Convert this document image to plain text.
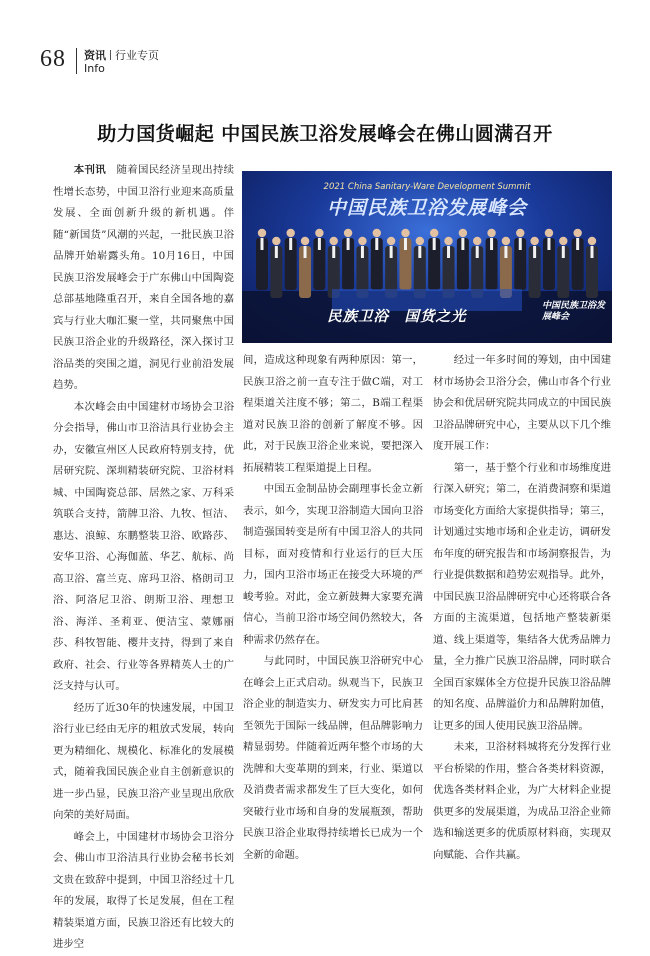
68 资讯 行业专页
Info
助力国货崛起 中国民族卫浴发展峰会在佛山圆满召开

本刊讯　 随着国民经济呈现出持续性增长态势，中国卫浴行业迎来高质量发展、全面创新升级的新机遇。伴随“新国货”风潮的兴起，一批民族卫浴品牌开始崭露头角。10月16日，中国民族卫浴发展峰会于广东佛山中国陶瓷总部基地隆重召开，来自全国各地的嘉宾与行业大咖汇聚一堂，共同聚焦中国民族卫浴企业的升级路径，深入探讨卫浴品类的突围之道，洞见行业前沿发展趋势。

本次峰会由中国建材市场协会卫浴分会指导，佛山市卫浴洁具行业协会主办，安徽宣州区人民政府特别支持，优居研究院、深圳精装研究院、卫浴材料城、中国陶瓷总部、居然之家、万科采筑联合支持，箭牌卫浴、九牧、恒洁、惠达、浪鲸、东鹏整装卫浴、欧路莎、安华卫浴、心海伽蓝、华艺、航标、尚高卫浴、富兰克、席玛卫浴、格朗司卫浴、阿洛尼卫浴、朗斯卫浴、理想卫浴、海洋、圣莉亚、便洁宝、蒙娜丽莎、科牧智能、樱井支持，得到了来自政府、社会、行业等各界精英人士的广泛支持与认可。

经历了近30年的快速发展，中国卫浴行业已经由无序的粗放式发展，转向更为精细化、规模化、标准化的发展模式，随着我国民族企业自主创新意识的进一步凸显，民族卫浴产业呈现出欣欣向荣的美好局面。

峰会上，中国建材市场协会卫浴分会、佛山市卫浴洁具行业协会秘书长刘文贵在致辞中提到，中国卫浴经过十几年的发展，取得了长足发展，但在工程精装渠道方面，民族卫浴还有比较大的进步空

2021 China Sanitary-Ware Development Summit
中国民族卫浴发展峰会
民族卫浴　国货之光
中国民族卫浴发展峰会

间，造成这种现象有两种原因：第一，民族卫浴之前一直专注于做C端，对工程渠道关注度不够；第二，B端工程渠道对民族卫浴的创新了解度不够。因此，对于民族卫浴企业来说，要把深入拓展精装工程渠道提上日程。

中国五金制品协会副理事长金立新表示，如今，实现卫浴制造大国向卫浴制造强国转变是所有中国卫浴人的共同目标，面对疫情和行业运行的巨大压力，国内卫浴市场正在接受大环境的严峻考验。对此，金立新鼓舞大家要充满信心，当前卫浴市场空间仍然较大，各种需求仍然存在。

与此同时，中国民族卫浴研究中心在峰会上正式启动。纵观当下，民族卫浴企业的制造实力、研发实力可比肩甚至领先于国际一线品牌，但品牌影响力精显弱势。伴随着近两年整个市场的大洗牌和大变革期的到来，行业、渠道以及消费者需求都发生了巨大变化，如何突破行业市场和自身的发展瓶颈，帮助民族卫浴企业取得持续增长已成为一个全新的命题。

经过一年多时间的筹划，由中国建材市场协会卫浴分会，佛山市各个行业协会和优居研究院共同成立的中国民族卫浴品牌研究中心，主要从以下几个维度开展工作：

第一，基于整个行业和市场维度进行深入研究；第二，在消费洞察和渠道市场变化方面给大家提供指导；第三，计划通过实地市场和企业走访，调研发布年度的研究报告和市场洞察报告，为行业提供数据和趋势宏观指导。此外，中国民族卫浴品牌研究中心还将联合各方面的主流渠道，包括地产整装新渠道、线上渠道等，集结各大优秀品牌力量，全力推广民族卫浴品牌，同时联合全国百家媒体全方位提升民族卫浴品牌的知名度、品牌溢价力和品牌附加值，让更多的国人使用民族卫浴品牌。

未来，卫浴材料城将充分发挥行业平台桥梁的作用，整合各类材料资源，优选各类材料企业，为广大材料企业提供更多的发展渠道，为成品卫浴企业筛选和输送更多的优质原材料商，实现双向赋能、合作共赢。
